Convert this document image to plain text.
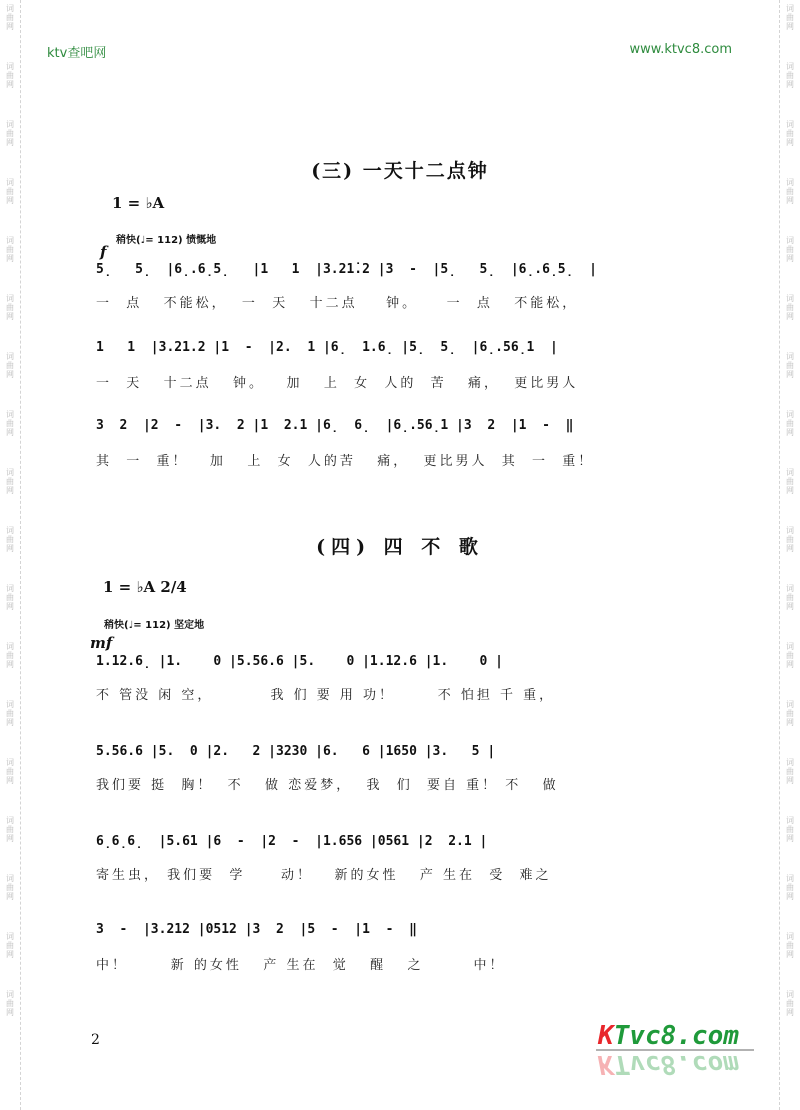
词
曲
网
词
曲
网
词
曲
网
词
曲
网
词
曲
网
词
曲
网
词
曲
网
词
曲
网
词
曲
网
词
曲
网
词
曲
网
词
曲
网
词
曲
网
词
曲
网
词
曲
网
词
曲
网
词
曲
网
词
曲
网
词
曲
网
词
曲
网
词
曲
网
词
曲
网
词
曲
网
词
曲
网
词
曲
网
词
曲
网
词
曲
网
词
曲
网
词
曲
网
词
曲
网
词
曲
网
词
曲
网
词
曲
网
词
曲
网
词
曲
网
词
曲
网
ktv查吧网	www.ktvc8.com
(三) 一天十二点钟
1 = ♭A
稍快(♩= 112) 愤慨地
f
5̣   5̣  |6̣.6̣5̣   |1   1  |3.21̇.2 |3  -  |5̣   5̣  |6̣.6̣5̣  |
一  点   不能松，  一  天   十二点    钟。    一  点   不能松，
1   1  |3.21.2 |1  -  |2.  1 |6̣  1.6̣ |5̣  5̣  |6̣.56̣1  |
一  天   十二点   钟。   加   上  女  人的  苦   痛，  更比男人
3  2  |2  -  |3.  2 |1  2.1 |6̣  6̣  |6̣.56̣1 |3  2  |1  -  ‖
其  一  重！   加   上  女  人的苦   痛，  更比男人  其  一  重！
(四) 四 不 歌
1 = ♭A 2/4
稍快(♩= 112) 坚定地
mf
1.12.6̣ |1.    0 |5.56.6 |5.    0 |1.12.6 |1.    0 |
不 管没 闲 空，        我 们 要 用 功！      不 怕担 千 重，
5.56.6 |5.  0 |2.   2 |3230 |6.   6 |1650 |3.   5 |
我们要 挺  胸！  不   做 恋爱梦，  我  们  要自 重！ 不   做
6̣6̣6̣  |5.61 |6  -  |2  -  |1.656 |0561 |2  2.1 |
寄生虫， 我们要  学     动！   新的女性   产 生在  受  难之
3  -  |3.212 |0512 |3  2  |5  -  |1  -  ‖
中！      新 的女性   产 生在  觉   醒   之       中！
2	KTvc8.com
KTvc8.com
